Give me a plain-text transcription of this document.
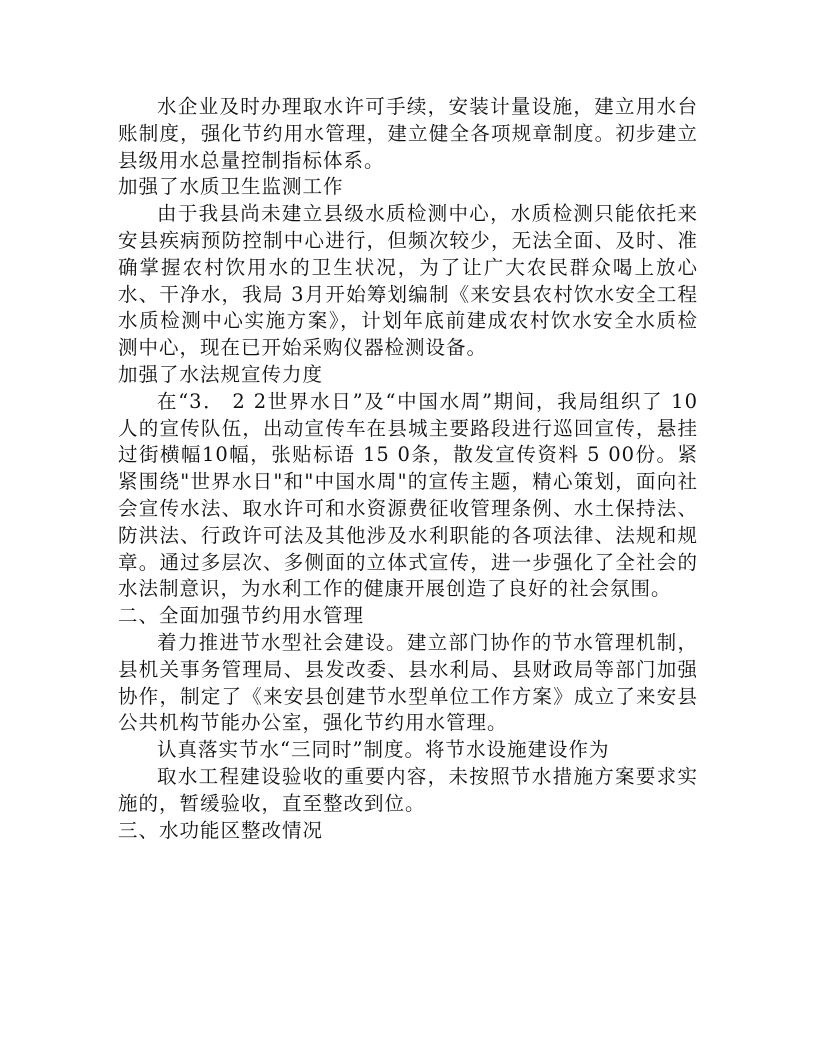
水企业及时办理取水许可手续，安装计量设施，建立用水台账制度，强化节约用水管理，建立健全各项规章制度。初步建立县级用水总量控制指标体系。

加强了水质卫生监测工作

由于我县尚未建立县级水质检测中心，水质检测只能依托来安县疾病预防控制中心进行，但频次较少，无法全面、及时、准确掌握农村饮用水的卫生状况，为了让广大农民群众喝上放心水、干净水，我局 3月开始筹划编制《来安县农村饮水安全工程水质检测中心实施方案》，计划年底前建成农村饮水安全水质检测中心，现在已开始采购仪器检测设备。

加强了水法规宣传力度

在“3． 2 2世界水日”及“中国水周”期间，我局组织了 10人的宣传队伍，出动宣传车在县城主要路段进行巡回宣传，悬挂过街横幅10幅，张贴标语 15 0条，散发宣传资料 5 00份。紧紧围绕"世界水日"和"中国水周"的宣传主题，精心策划，面向社会宣传水法、取水许可和水资源费征收管理条例、水土保持法、防洪法、行政许可法及其他涉及水利职能的各项法律、法规和规章。通过多层次、多侧面的立体式宣传，进一步强化了全社会的水法制意识，为水利工作的健康开展创造了良好的社会氛围。

二、全面加强节约用水管理

着力推进节水型社会建设。建立部门协作的节水管理机制，县机关事务管理局、县发改委、县水利局、县财政局等部门加强协作，制定了《来安县创建节水型单位工作方案》成立了来安县公共机构节能办公室，强化节约用水管理。

认真落实节水“三同时”制度。将节水设施建设作为

取水工程建设验收的重要内容，未按照节水措施方案要求实施的，暂缓验收，直至整改到位。

三、水功能区整改情况
